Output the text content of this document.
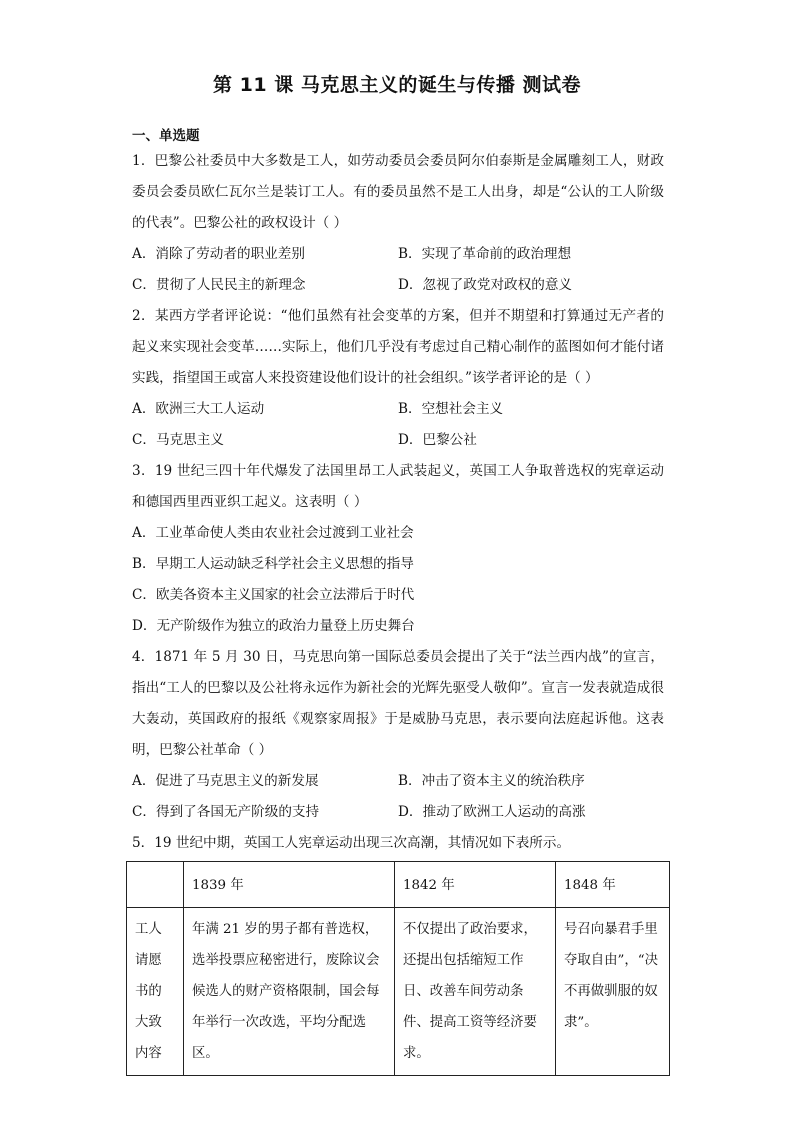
第 11 课 马克思主义的诞生与传播 测试卷
一、单选题
1．巴黎公社委员中大多数是工人，如劳动委员会委员阿尔伯泰斯是金属雕刻工人，财政委员会委员欧仁瓦尔兰是装订工人。有的委员虽然不是工人出身，却是“公认的工人阶级的代表”。巴黎公社的政权设计（ ）
A．消除了劳动者的职业差别	B．实现了革命前的政治理想
C．贯彻了人民民主的新理念	D．忽视了政党对政权的意义
2．某西方学者评论说：“他们虽然有社会变革的方案，但并不期望和打算通过无产者的起义来实现社会变革……实际上，他们几乎没有考虑过自己精心制作的蓝图如何才能付诸实践，指望国王或富人来投资建设他们设计的社会组织。”该学者评论的是（ ）
A．欧洲三大工人运动	B．空想社会主义
C．马克思主义	D．巴黎公社
3．19 世纪三四十年代爆发了法国里昂工人武装起义，英国工人争取普选权的宪章运动和德国西里西亚织工起义。这表明（ ）
A．工业革命使人类由农业社会过渡到工业社会
B．早期工人运动缺乏科学社会主义思想的指导
C．欧美各资本主义国家的社会立法滞后于时代
D．无产阶级作为独立的政治力量登上历史舞台
4．1871 年 5 月 30 日，马克思向第一国际总委员会提出了关于“法兰西内战”的宣言，指出“工人的巴黎以及公社将永远作为新社会的光辉先驱受人敬仰”。宣言一发表就造成很大轰动，英国政府的报纸《观察家周报》于是威胁马克思，表示要向法庭起诉他。这表明，巴黎公社革命（ ）
A．促进了马克思主义的新发展	B．冲击了资本主义的统治秩序
C．得到了各国无产阶级的支持	D．推动了欧洲工人运动的高涨
5．19 世纪中期，英国工人宪章运动出现三次高潮，其情况如下表所示。
	1839 年	1842 年	1848 年
工人请愿书的大致内容	年满 21 岁的男子都有普选权，选举投票应秘密进行，废除议会候选人的财产资格限制，国会每年举行一次改选，平均分配选区。	不仅提出了政治要求，还提出包括缩短工作日、改善车间劳动条件、提高工资等经济要求。	号召向暴君手里夺取自由”，“决不再做驯服的奴隶”。
